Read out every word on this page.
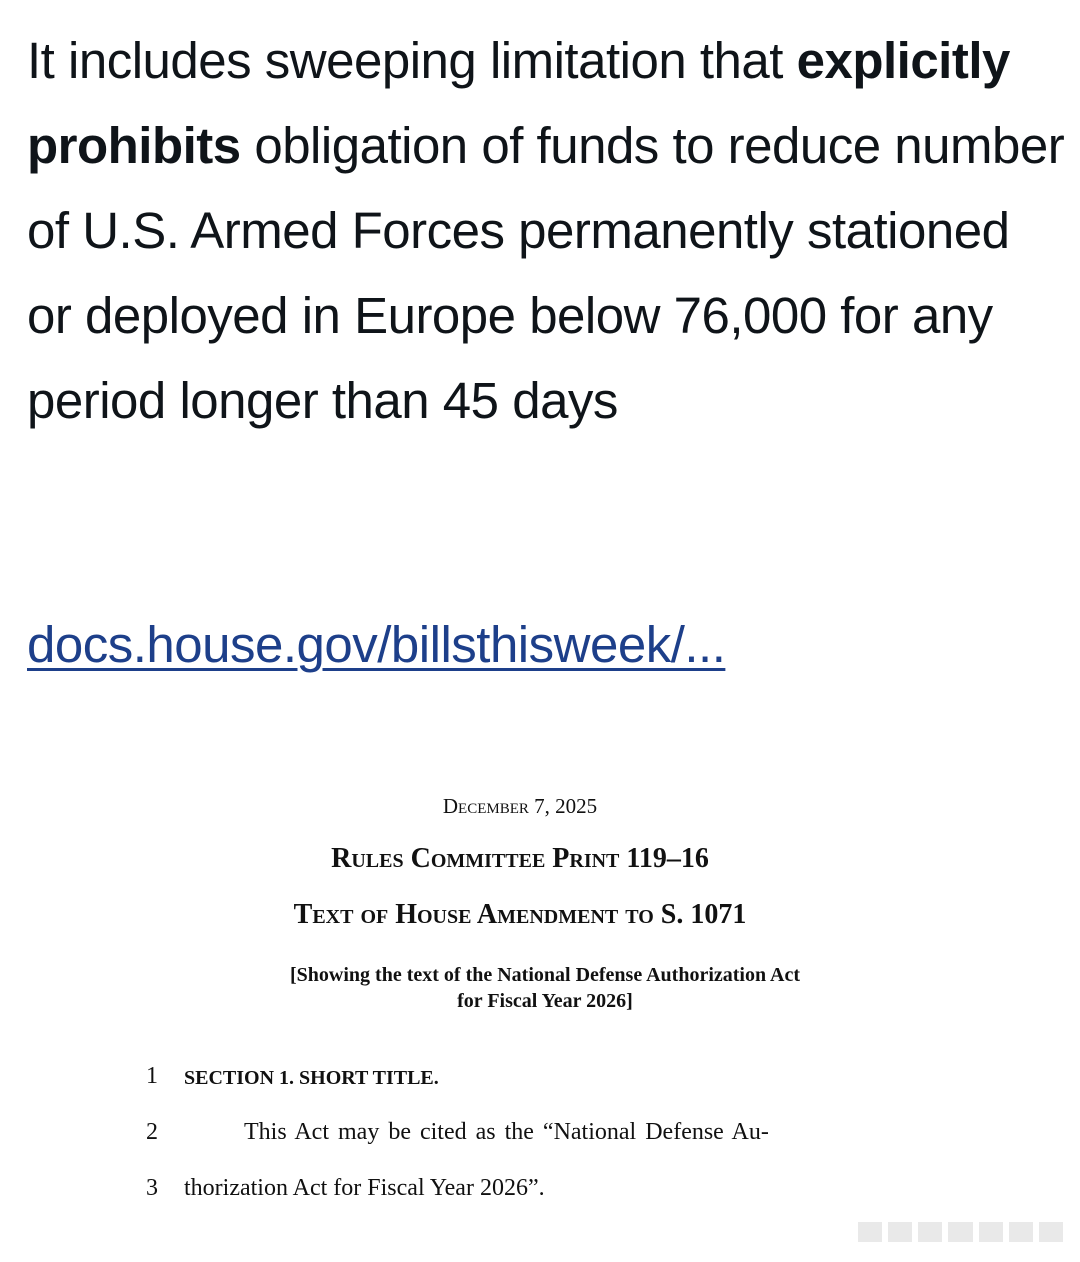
It includes sweeping limitation that explicitly prohibits obligation of funds to reduce number of U.S. Armed Forces permanently stationed or deployed in Europe below 76,000 for any period longer than 45 days
docs.house.gov/billsthisweek/...
December 7, 2025
Rules Committee Print 119–16
Text of House Amendment to S. 1071
[Showing the text of the National Defense Authorization Act
for Fiscal Year 2026]
1 SECTION 1. SHORT TITLE.
2	This Act may be cited as the “National Defense Au-
3 thorization Act for Fiscal Year 2026”.
